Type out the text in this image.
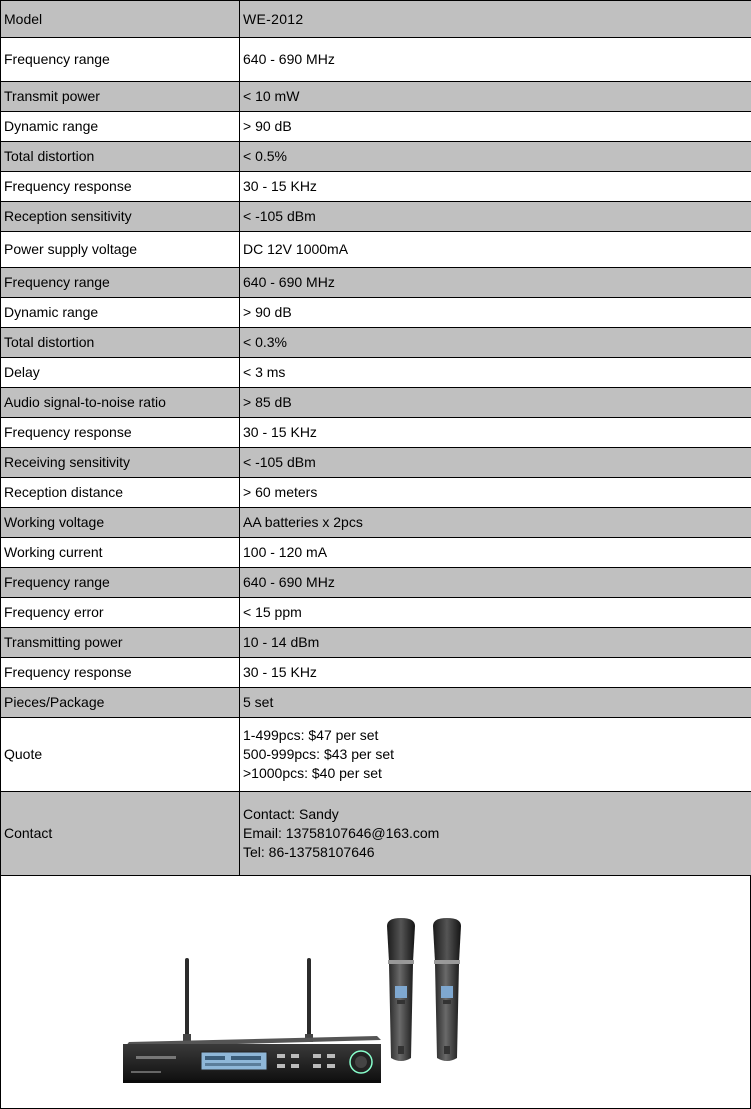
Model	WE-2012
Frequency range	640 - 690 MHz
Transmit power	< 10 mW
Dynamic range	> 90 dB
Total distortion	< 0.5%
Frequency response	30 - 15 KHz
Reception sensitivity	< -105 dBm
Power supply voltage	DC 12V 1000mA
Frequency range	640 - 690 MHz
Dynamic range	> 90 dB
Total distortion	< 0.3%
Delay	< 3 ms
Audio signal-to-noise ratio	> 85 dB
Frequency response	30 - 15 KHz
Receiving sensitivity	< -105 dBm
Reception distance	> 60 meters
Working voltage	AA batteries x 2pcs
Working current	100 - 120 mA
Frequency range	640 - 690 MHz
Frequency error	< 15 ppm
Transmitting power	10 - 14 dBm
Frequency response	30 - 15 KHz
Pieces/Package	5 set
Quote	1-499pcs: $47 per set
500-999pcs: $43 per set
>1000pcs: $40 per set

Contact	Contact: Sandy
Email: 13758107646@163.com
Tel: 86-13758107646
